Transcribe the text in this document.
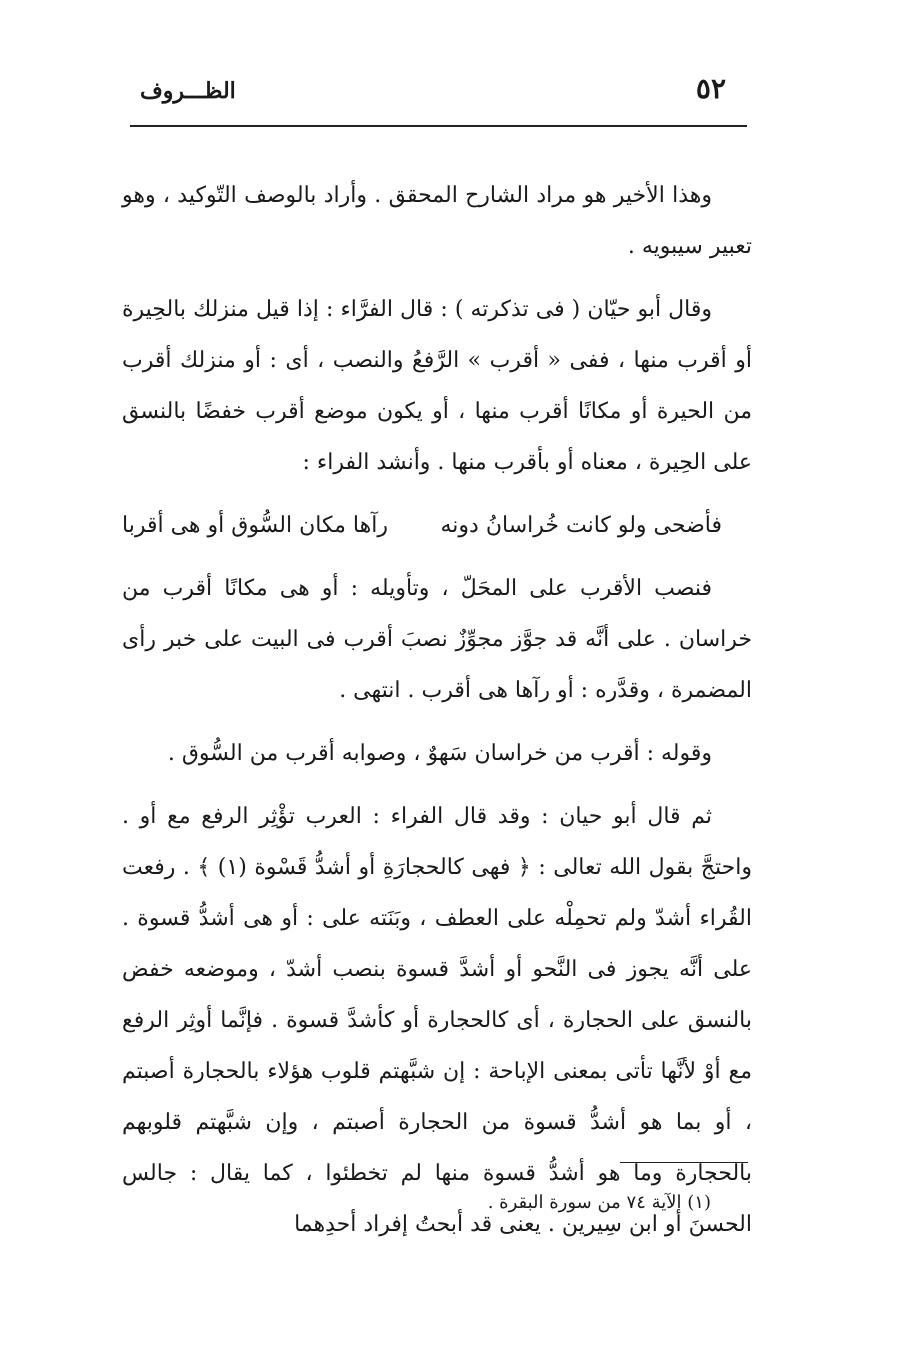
٥٢
الظـــروف

وهذا الأخير هو مراد الشارح المحقق . وأراد بالوصف التّوكيد ، وهو تعبير سيبويه .

وقال أبو حيّان ( فى تذكرته ) : قال الفرَّاء : إذا قيل منزلك بالحِيرة أو أقرب منها ، ففى « أقرب » الرَّفعُ والنصب ، أى : أو منزلك أقرب من الحيرة أو مكانًا أقرب منها ، أو يكون موضع أقرب خفضًا بالنسق على الحِيرة ، معناه أو بأقرب منها . وأنشد الفراء :

فأضحى ولو كانت خُراسانُ دونه
رآها مكان السُّوق أو هى أقربا

فنصب الأقرب على المحَلّ ، وتأويله : أو هى مكانًا أقرب من خراسان . على أنَّه قد جوَّز مجوِّزٌ نصبَ أقرب فى البيت على خبر رأى المضمرة ، وقدَّره : أو رآها هى أقرب . انتهى .

وقوله : أقرب من خراسان سَهوٌ ، وصوابه أقرب من السُّوق .

ثم قال أبو حيان : وقد قال الفراء : العرب تؤْثِر الرفع مع أو . واحتجَّ بقول الله تعالى : ﴿ فهى كالحجارَةِ أو أشدُّ قَسْوة (١) ﴾ . رفعت القُراء أشدّ ولم تحمِلْه على العطف ، وبَنَته على : أو هى أشدُّ قسوة . على أنَّه يجوز فى النَّحو أو أشدَّ قسوة بنصب أشدّ ، وموضعه خفض بالنسق على الحجارة ، أى كالحجارة أو كأشدَّ قسوة . فإنَّما أوثِر الرفع مع أوْ لأنَّها تأتى بمعنى الإباحة : إن شبَّهتم قلوب هؤلاء بالحجارة أصبتم ، أو بما هو أشدُّ قسوة من الحجارة أصبتم ، وإن شبَّهتم قلوبهم بالحجارة وما هو أشدُّ قسوة منها لم تخطئوا ، كما يقال : جالس الحسنَ أو ابن سِيرين . يعنى قد أبحتُ إفراد أحدِهما

(١) الآية ٧٤ من سورة البقرة .
